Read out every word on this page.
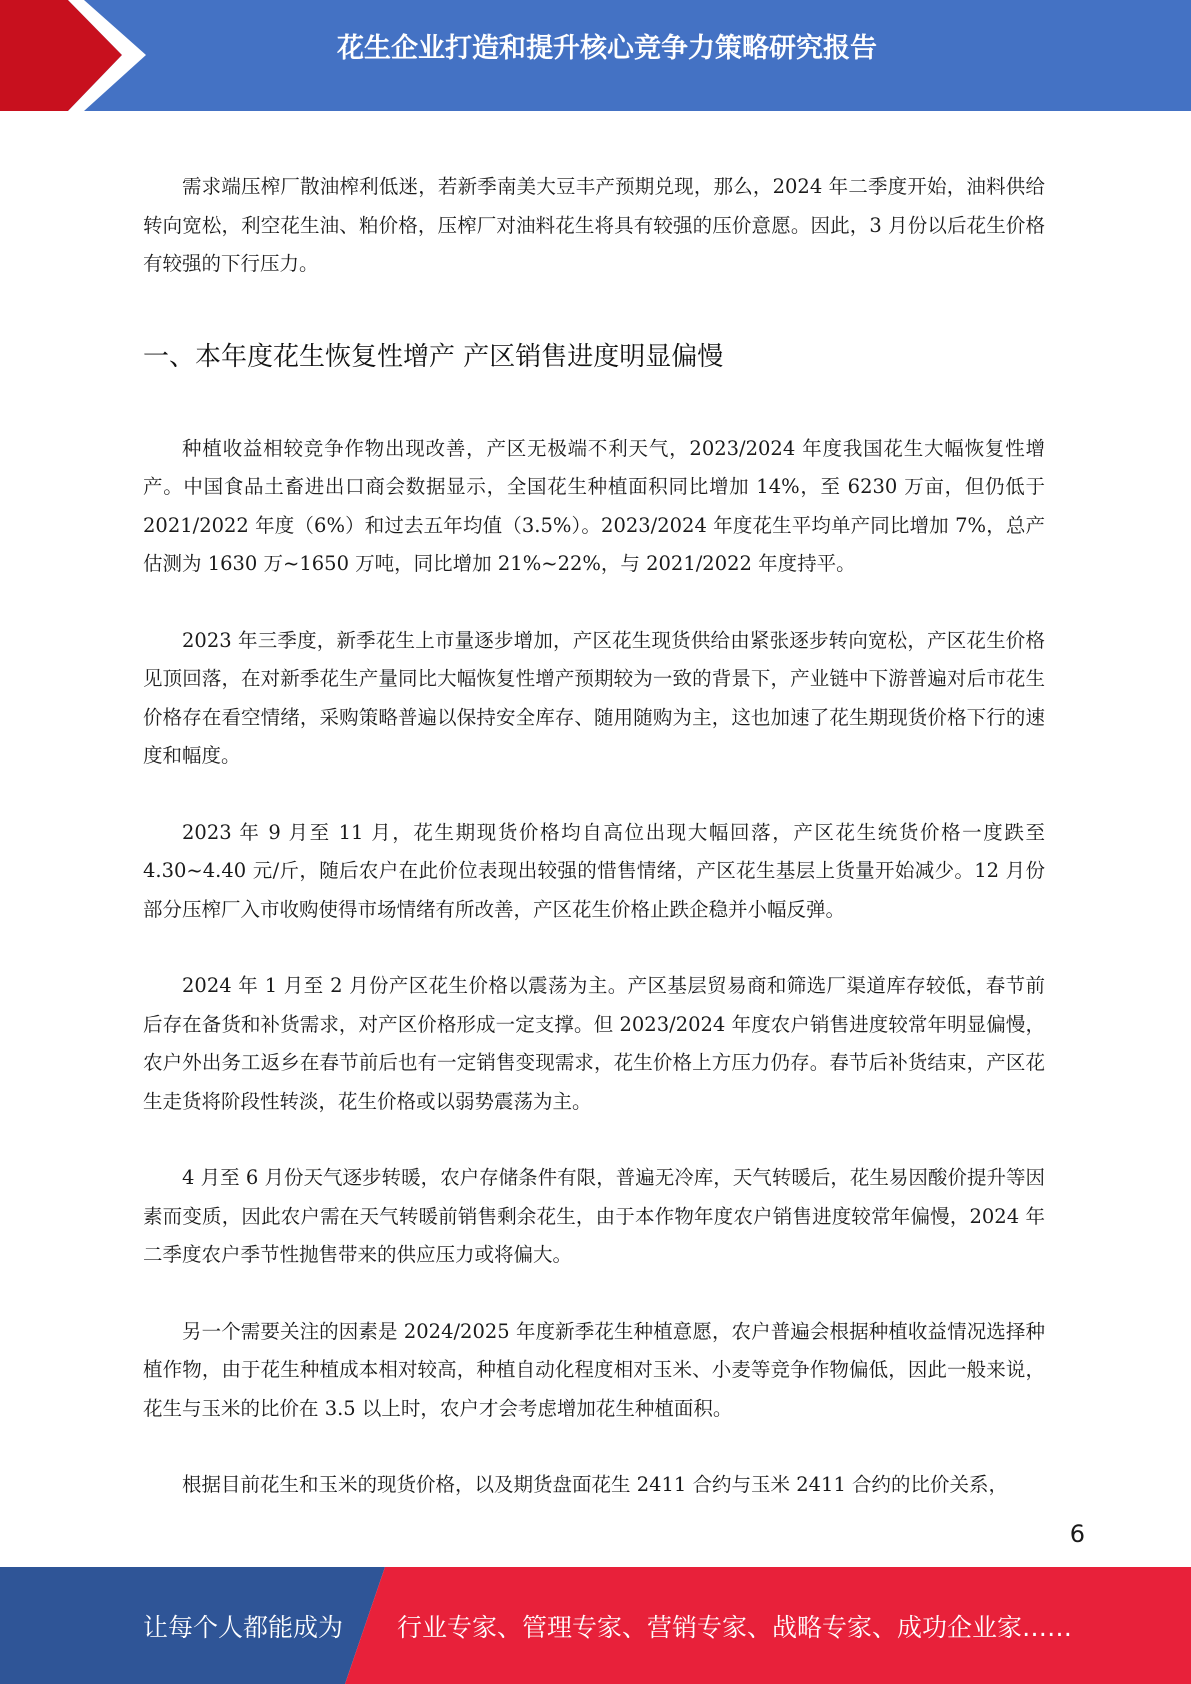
花生企业打造和提升核心竞争力策略研究报告

需求端压榨厂散油榨利低迷，若新季南美大豆丰产预期兑现，那么，2024 年二季度开始，油料供给转向宽松，利空花生油、粕价格，压榨厂对油料花生将具有较强的压价意愿。因此，3 月份以后花生价格有较强的下行压力。

一、本年度花生恢复性增产 产区销售进度明显偏慢

种植收益相较竞争作物出现改善，产区无极端不利天气，2023/2024 年度我国花生大幅恢复性增产。中国食品土畜进出口商会数据显示，全国花生种植面积同比增加 14%，至 6230 万亩，但仍低于 2021/2022 年度（6%）和过去五年均值（3.5%）。2023/2024 年度花生平均单产同比增加 7%，总产估测为 1630 万~1650 万吨，同比增加 21%~22%，与 2021/2022 年度持平。

2023 年三季度，新季花生上市量逐步增加，产区花生现货供给由紧张逐步转向宽松，产区花生价格见顶回落，在对新季花生产量同比大幅恢复性增产预期较为一致的背景下，产业链中下游普遍对后市花生价格存在看空情绪，采购策略普遍以保持安全库存、随用随购为主，这也加速了花生期现货价格下行的速度和幅度。

2023 年 9 月至 11 月，花生期现货价格均自高位出现大幅回落，产区花生统货价格一度跌至 4.30~4.40 元/斤，随后农户在此价位表现出较强的惜售情绪，产区花生基层上货量开始减少。12 月份部分压榨厂入市收购使得市场情绪有所改善，产区花生价格止跌企稳并小幅反弹。

2024 年 1 月至 2 月份产区花生价格以震荡为主。产区基层贸易商和筛选厂渠道库存较低，春节前后存在备货和补货需求，对产区价格形成一定支撑。但 2023/2024 年度农户销售进度较常年明显偏慢，农户外出务工返乡在春节前后也有一定销售变现需求，花生价格上方压力仍存。春节后补货结束，产区花生走货将阶段性转淡，花生价格或以弱势震荡为主。

4 月至 6 月份天气逐步转暖，农户存储条件有限，普遍无冷库，天气转暖后，花生易因酸价提升等因素而变质，因此农户需在天气转暖前销售剩余花生，由于本作物年度农户销售进度较常年偏慢，2024 年二季度农户季节性抛售带来的供应压力或将偏大。

另一个需要关注的因素是 2024/2025 年度新季花生种植意愿，农户普遍会根据种植收益情况选择种植作物，由于花生种植成本相对较高，种植自动化程度相对玉米、小麦等竞争作物偏低，因此一般来说，花生与玉米的比价在 3.5 以上时，农户才会考虑增加花生种植面积。

根据目前花生和玉米的现货价格，以及期货盘面花生 2411 合约与玉米 2411 合约的比价关系，

6
让每个人都能成为 行业专家、管理专家、营销专家、战略专家、成功企业家……
